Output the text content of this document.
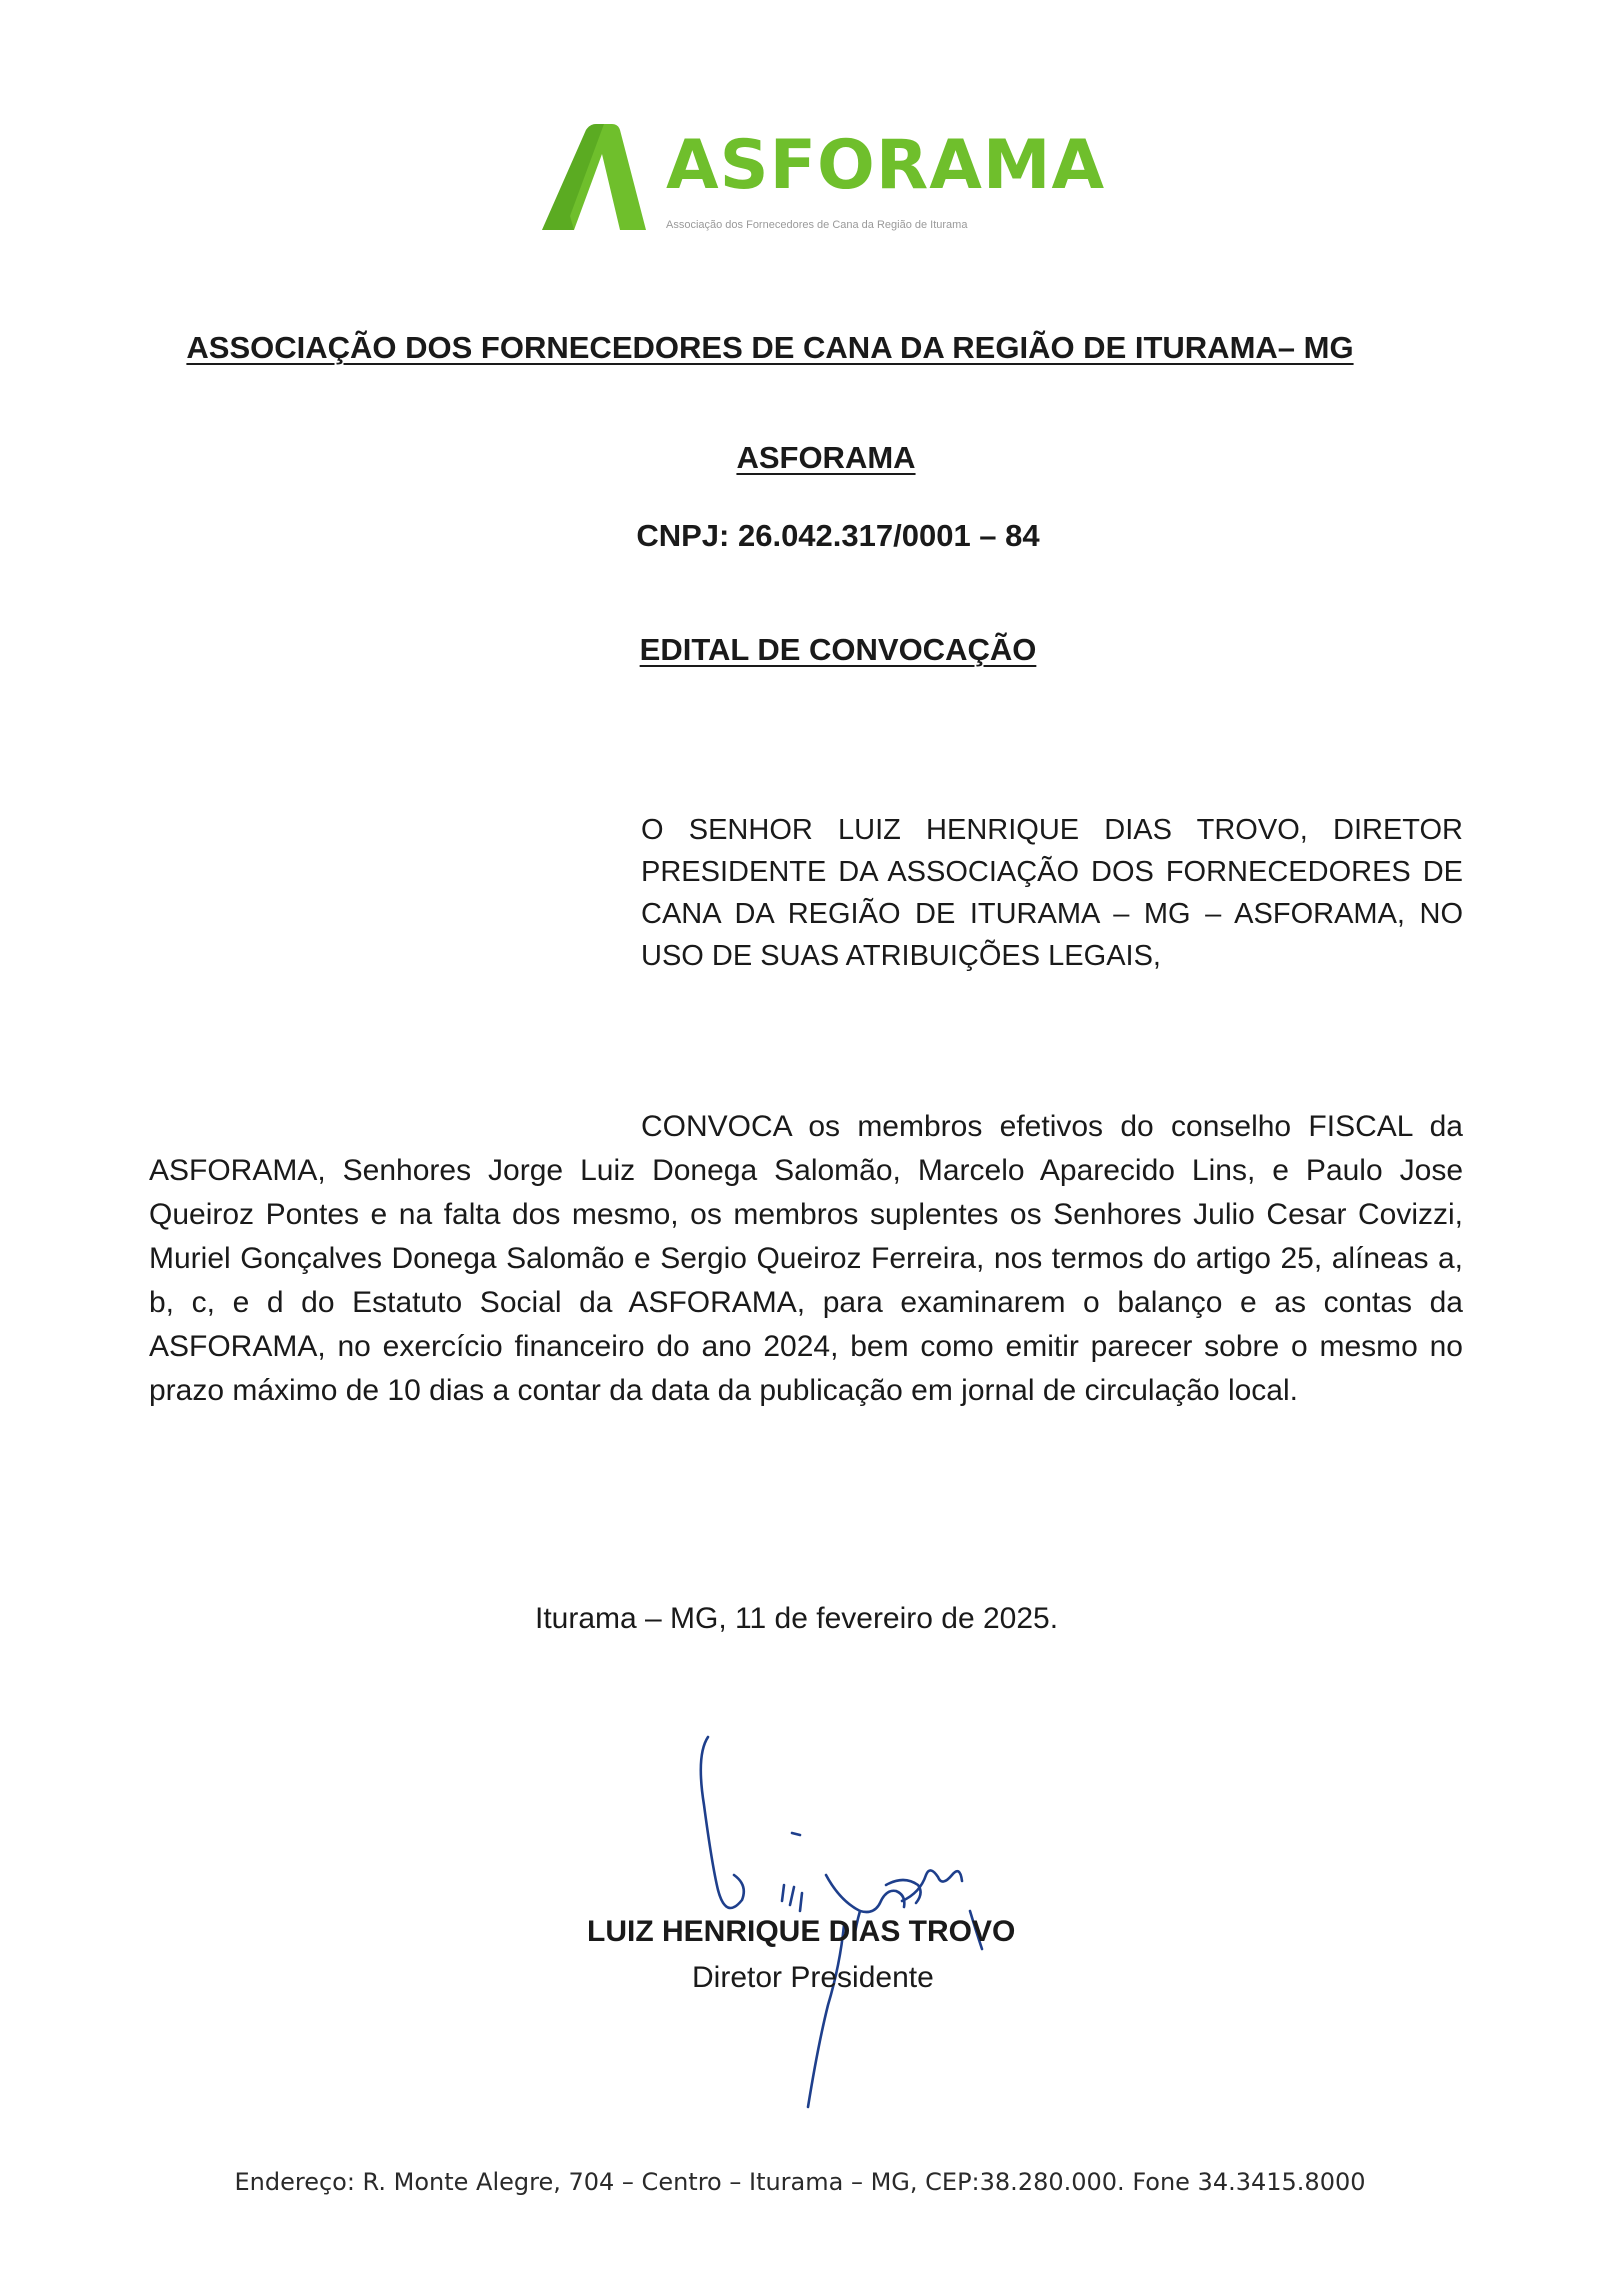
ASFORAMA
Associação dos Fornecedores de Cana da Região de Iturama
ASSOCIAÇÃO DOS FORNECEDORES DE CANA DA REGIÃO DE ITURAMA– MG
ASFORAMA
CNPJ: 26.042.317/0001 – 84
EDITAL DE CONVOCAÇÃO

O SENHOR LUIZ HENRIQUE DIAS TROVO, DIRETOR PRESIDENTE DA ASSOCIAÇÃO DOS FORNECEDORES DE CANA DA REGIÃO DE ITURAMA – MG – ASFORAMA, NO USO DE SUAS ATRIBUIÇÕES LEGAIS,

CONVOCA os membros efetivos do conselho FISCAL da ASFORAMA, Senhores Jorge Luiz Donega Salomão, Marcelo Aparecido Lins, e Paulo Jose Queiroz Pontes e na falta dos mesmo, os membros suplentes os Senhores Julio Cesar Covizzi, Muriel Gonçalves Donega Salomão e Sergio Queiroz Ferreira, nos termos do artigo 25, alíneas a, b, c, e d do Estatuto Social da ASFORAMA, para examinarem o balanço e as contas da ASFORAMA, no exercício financeiro do ano 2024, bem como emitir parecer sobre o mesmo no prazo máximo de 10 dias a contar da data da publicação em jornal de circulação local.

Iturama – MG, 11 de fevereiro de 2025.
LUIZ HENRIQUE DIAS TROVO
Diretor Presidente
Endereço: R. Monte Alegre, 704 – Centro – Iturama – MG, CEP:38.280.000. Fone 34.3415.8000
